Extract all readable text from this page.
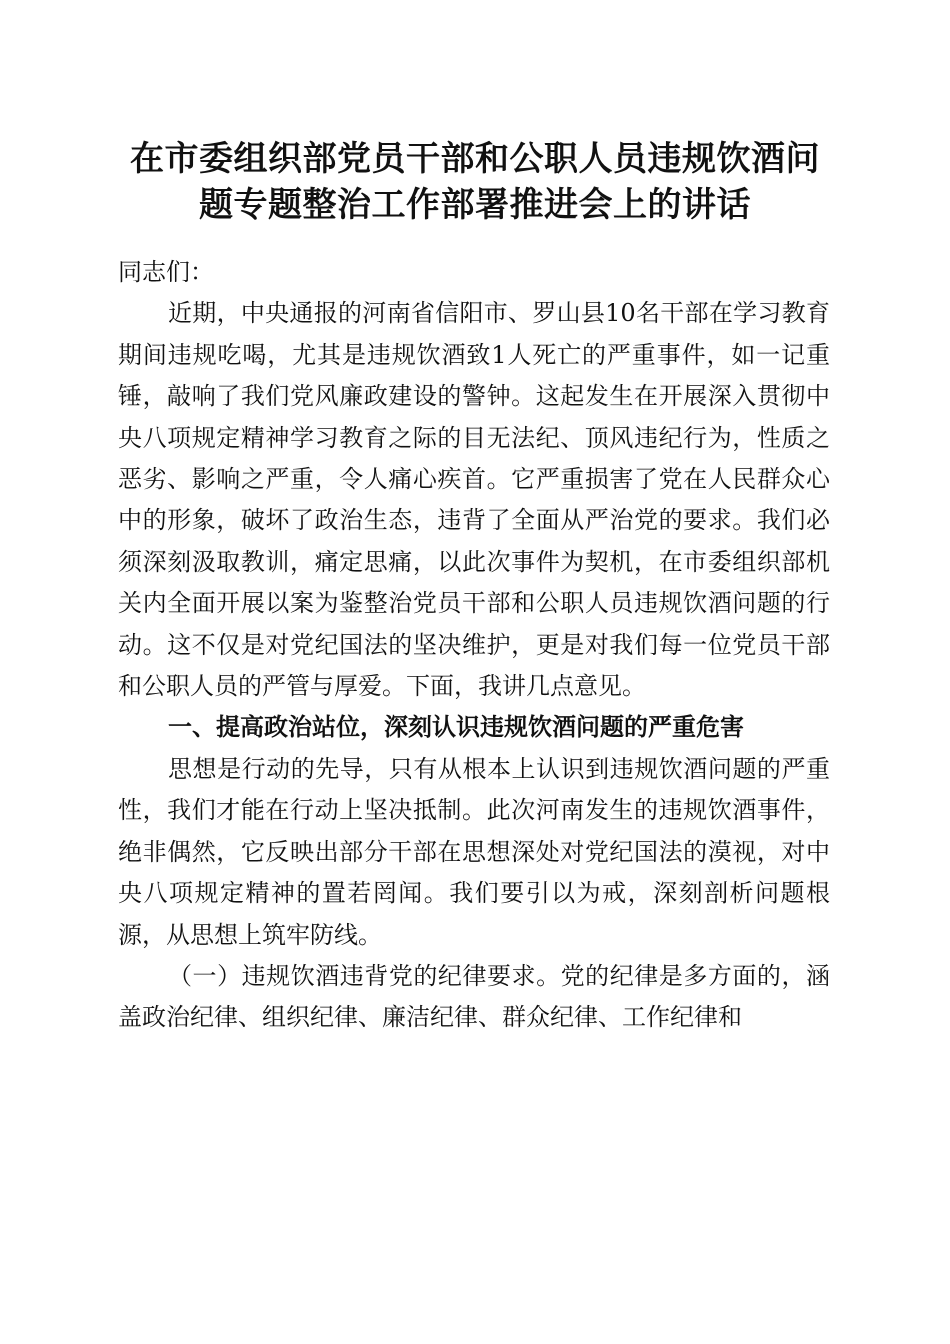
在市委组织部党员干部和公职人员违规饮酒问
题专题整治工作部署推进会上的讲话

同志们：

近期，中央通报的河南省信阳市、罗山县10名干部在学习教育期间违规吃喝，尤其是违规饮酒致1人死亡的严重事件，如一记重锤，敲响了我们党风廉政建设的警钟。这起发生在开展深入贯彻中央八项规定精神学习教育之际的目无法纪、顶风违纪行为，性质之恶劣、影响之严重，令人痛心疾首。它严重损害了党在人民群众心中的形象，破坏了政治生态，违背了全面从严治党的要求。我们必须深刻汲取教训，痛定思痛，以此次事件为契机，在市委组织部机关内全面开展以案为鉴整治党员干部和公职人员违规饮酒问题的行动。这不仅是对党纪国法的坚决维护，更是对我们每一位党员干部和公职人员的严管与厚爱。下面，我讲几点意见。

一、提高政治站位，深刻认识违规饮酒问题的严重危害

思想是行动的先导，只有从根本上认识到违规饮酒问题的严重性，我们才能在行动上坚决抵制。此次河南发生的违规饮酒事件，绝非偶然，它反映出部分干部在思想深处对党纪国法的漠视，对中央八项规定精神的置若罔闻。我们要引以为戒，深刻剖析问题根源，从思想上筑牢防线。

（一）违规饮酒违背党的纪律要求。党的纪律是多方面的，涵盖政治纪律、组织纪律、廉洁纪律、群众纪律、工作纪律和
